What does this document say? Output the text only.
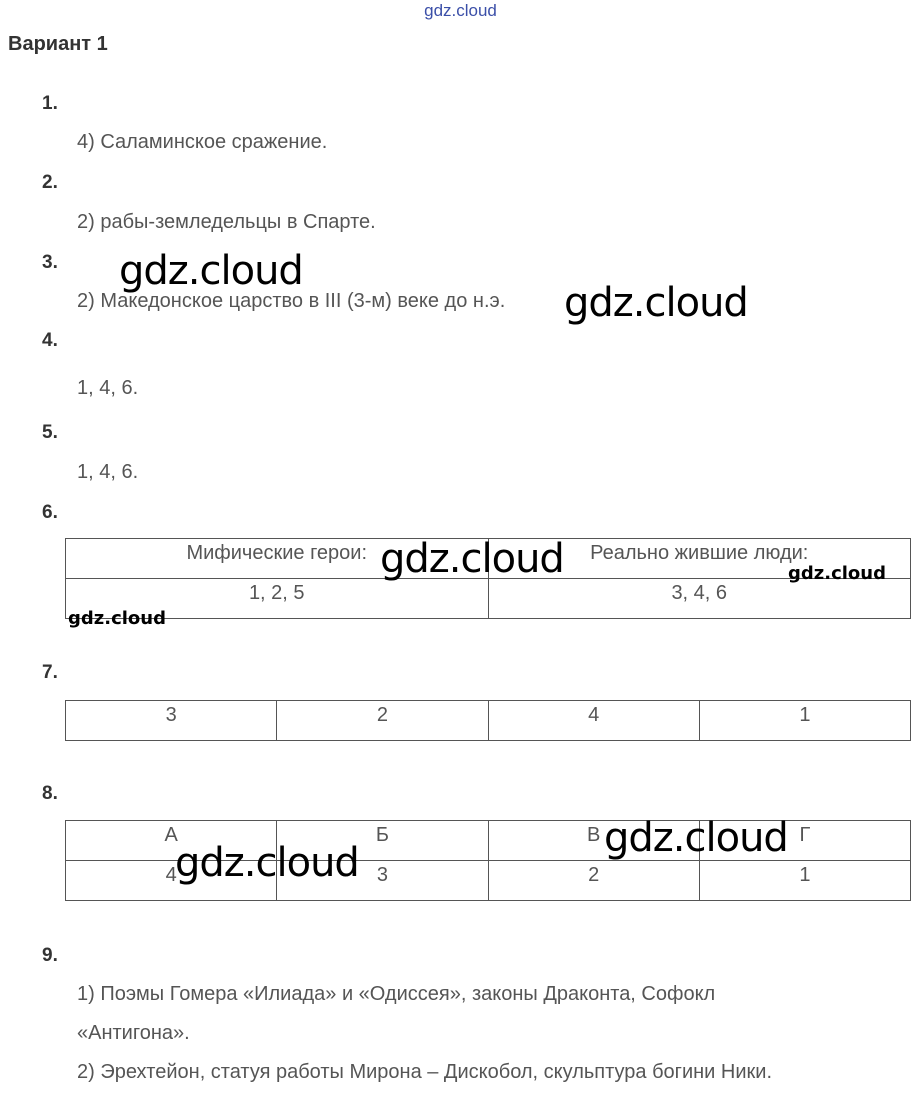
gdz.cloud
Вариант 1
1.
4) Саламинское сражение.
2.
2) рабы-земледельцы в Спарте.
3.
2) Македонское царство в III (3-м) веке до н.э.
4.
1, 4, 6.
5.
1, 4, 6.
6.
Мифические герои:	Реально жившие люди:
1, 2, 5	3, 4, 6
7.
3	2	4	1
8.
А	Б	В	Г
4	3	2	1
9.
1) Поэмы Гомера «Илиада» и «Одиссея», законы Драконта, Софокл
«Антигона».
2) Эрехтейон, статуя работы Мирона – Дискобол, скульптура богини Ники.
gdz.cloud
gdz.cloud
gdz.cloud	gdz.cloud
gdz.cloud
gdz.cloud
gdz.cloud
